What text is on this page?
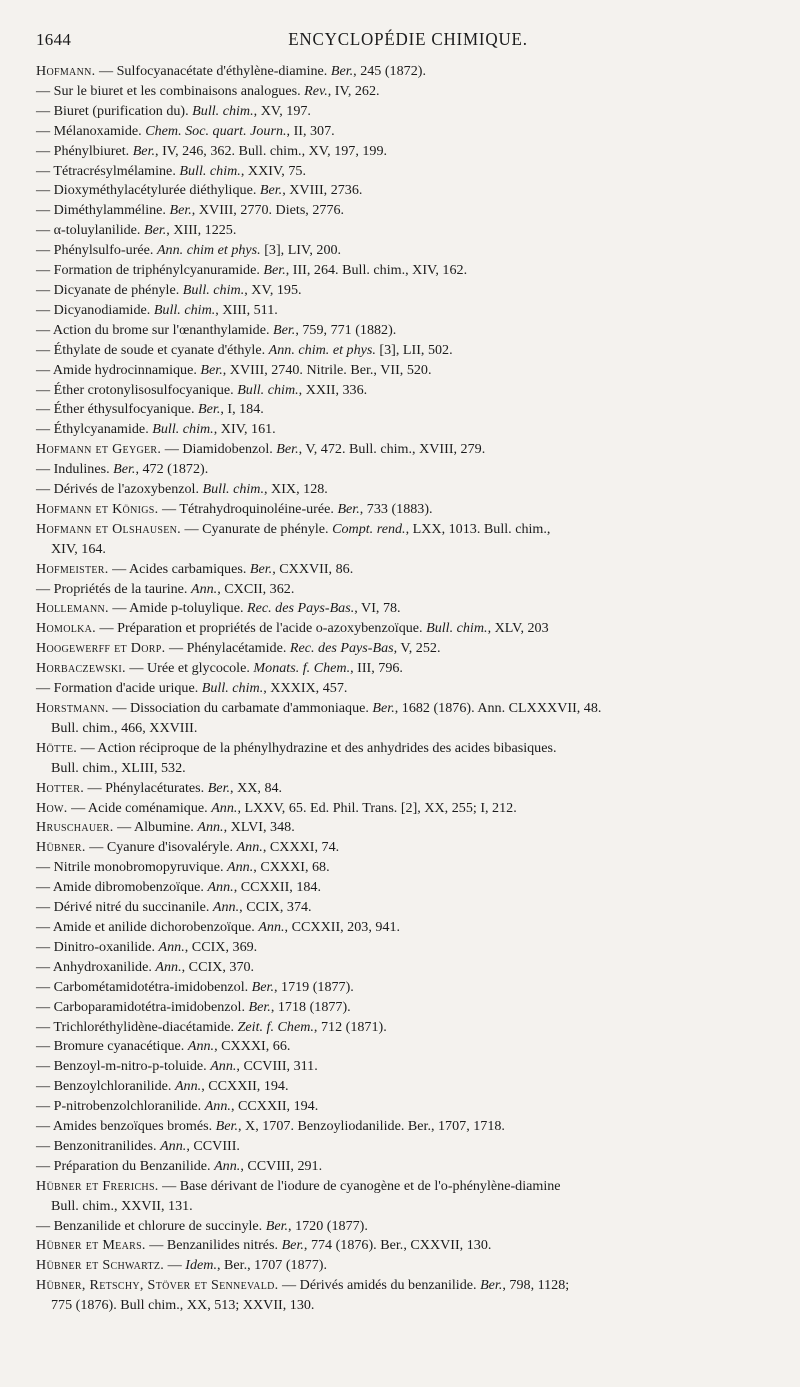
1644	ENCYCLOPÉDIE CHIMIQUE.
Hofmann. — Sulfocyanacétate d'éthylène-diamine. Ber., 245 (1872).
— Sur le biuret et les combinaisons analogues. Rev., IV, 262.
— Biuret (purification du). Bull. chim., XV, 197.
— Mélanoxamide. Chem. Soc. quart. Journ., II, 307.
— Phénylbiuret. Ber., IV, 246, 362. Bull. chim., XV, 197, 199.
— Tétracrésylmélamine. Bull. chim., XXIV, 75.
— Dioxyméthylacétylurée diéthylique. Ber., XVIII, 2736.
— Diméthylamméline. Ber., XVIII, 2770. Diets, 2776.
— α-toluylanilide. Ber., XIII, 1225.
— Phénylsulfo-urée. Ann. chim et phys. [3], LIV, 200.
— Formation de triphénylcyanuramide. Ber., III, 264. Bull. chim., XIV, 162.
— Dicyanate de phényle. Bull. chim., XV, 195.
— Dicyanodiamide. Bull. chim., XIII, 511.
— Action du brome sur l'œnanthylamide. Ber., 759, 771 (1882).
— Éthylate de soude et cyanate d'éthyle. Ann. chim. et phys. [3], LII, 502.
— Amide hydrocinnamique. Ber., XVIII, 2740. Nitrile. Ber., VII, 520.
— Éther crotonylisosulfocyanique. Bull. chim., XXII, 336.
— Éther éthysulfocyanique. Ber., I, 184.
— Éthylcyanamide. Bull. chim., XIV, 161.
Hofmann et Geyger. — Diamidobenzol. Ber., V, 472. Bull. chim., XVIII, 279.
— Indulines. Ber., 472 (1872).
— Dérivés de l'azoxybenzol. Bull. chim., XIX, 128.
Hofmann et Königs. — Tétrahydroquinoléine-urée. Ber., 733 (1883).
Hofmann et Olshausen. — Cyanurate de phényle. Compt. rend., LXX, 1013. Bull. chim.,
XIV, 164.
Hofmeister. — Acides carbamiques. Ber., CXXVII, 86.
— Propriétés de la taurine. Ann., CXCII, 362.
Hollemann. — Amide p-toluylique. Rec. des Pays-Bas., VI, 78.
Homolka. — Préparation et propriétés de l'acide o-azoxybenzoïque. Bull. chim., XLV, 203
Hoogewerff et Dorp. — Phénylacétamide. Rec. des Pays-Bas, V, 252.
Horbaczewski. — Urée et glycocole. Monats. f. Chem., III, 796.
— Formation d'acide urique. Bull. chim., XXXIX, 457.
Horstmann. — Dissociation du carbamate d'ammoniaque. Ber., 1682 (1876). Ann. CLXXXVII, 48.
Bull. chim., 466, XXVIII.
Hötte. — Action réciproque de la phénylhydrazine et des anhydrides des acides bibasiques.
Bull. chim., XLIII, 532.
Hotter. — Phénylacéturates. Ber., XX, 84.
How. — Acide coménamique. Ann., LXXV, 65. Ed. Phil. Trans. [2], XX, 255; I, 212.
Hruschauer. — Albumine. Ann., XLVI, 348.
Hübner. — Cyanure d'isovaléryle. Ann., CXXXI, 74.
— Nitrile monobromopyruvique. Ann., CXXXI, 68.
— Amide dibromobenzoïque. Ann., CCXXII, 184.
— Dérivé nitré du succinanile. Ann., CCIX, 374.
— Amide et anilide dichorobenzoïque. Ann., CCXXII, 203, 941.
— Dinitro-oxanilide. Ann., CCIX, 369.
— Anhydroxanilide. Ann., CCIX, 370.
— Carbométamidotétra-imidobenzol. Ber., 1719 (1877).
— Carboparamidotétra-imidobenzol. Ber., 1718 (1877).
— Trichloréthylidène-diacétamide. Zeit. f. Chem., 712 (1871).
— Bromure cyanacétique. Ann., CXXXI, 66.
— Benzoyl-m-nitro-p-toluide. Ann., CCVIII, 311.
— Benzoylchloranilide. Ann., CCXXII, 194.
— P-nitrobenzolchloranilide. Ann., CCXXII, 194.
— Amides benzoïques bromés. Ber., X, 1707. Benzoyliodanilide. Ber., 1707, 1718.
— Benzonitranilides. Ann., CCVIII.
— Préparation du Benzanilide. Ann., CCVIII, 291.
Hübner et Frerichs. — Base dérivant de l'iodure de cyanogène et de l'o-phénylène-diamine
Bull. chim., XXVII, 131.
— Benzanilide et chlorure de succinyle. Ber., 1720 (1877).
Hübner et Mears. — Benzanilides nitrés. Ber., 774 (1876). Ber., CXXVII, 130.
Hübner et Schwartz. — Idem., Ber., 1707 (1877).
Hübner, Retschy, Stöver et Sennevald. — Dérivés amidés du benzanilide. Ber., 798, 1128;
775 (1876). Bull chim., XX, 513; XXVII, 130.
